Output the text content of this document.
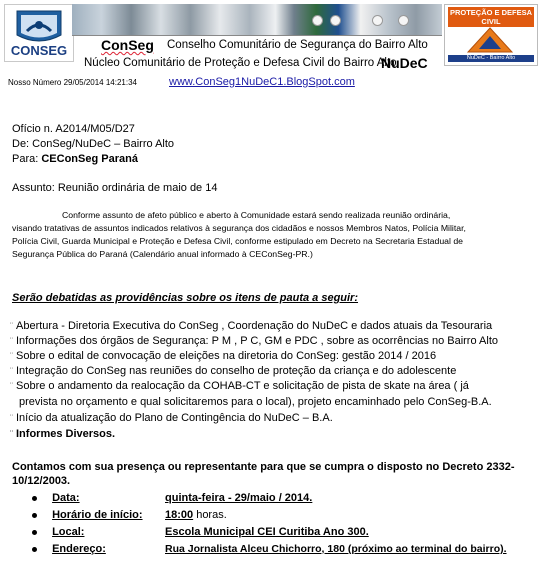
CONSEG
PROTEÇÃO E DEFESA CIVIL
NuDeC - Bairro Alto
ConSeg Conselho Comunitário de Segurança do Bairro Alto
Núcleo Comunitário de Proteção e Defesa Civil do Bairro Alto
NuDeC
Nosso Número 29/05/2014 14:21:34	www.ConSeg1NuDeC1.BlogSpot.com
Ofício n. A2014/M05/D27
De: ConSeg/NuDeC – Bairro Alto
Para: CEConSeg Paraná
Assunto: Reunião ordinária de maio de 14
Conforme assunto de afeto público e aberto à Comunidade estará sendo realizada reunião ordinária,
visando tratativas de assuntos indicados relativos à segurança dos cidadãos e nossos Membros Natos, Polícia Militar,
Polícia Civil, Guarda Municipal e Proteção e Defesa Civil, conforme estipulado em Decreto na Secretaria Estadual de
Segurança Pública do Paraná (Calendário anual informado à CEConSeg-PR.)
Serão debatidas as providências sobre os itens de pauta a seguir:
¨ Abertura - Diretoria Executiva do ConSeg , Coordenação do NuDeC e dados atuais da Tesouraria
¨ Informações dos órgãos de Segurança: P M , P C, GM e PDC , sobre as ocorrências no Bairro Alto
¨ Sobre o edital de convocação de eleições na diretoria do ConSeg: gestão 2014 / 2016
¨ Integração do ConSeg nas reuniões do conselho de proteção da criança e do adolescente
¨ Sobre o andamento da realocação da COHAB-CT e solicitação de pista de skate na área ( já
prevista no orçamento e qual solicitaremos para o local), projeto encaminhado pelo ConSeg-B.A.
¨ Início da atualização do Plano de Contingência do NuDeC – B.A.
¨ Informes Diversos.
Contamos com sua presença ou representante para que se cumpra o disposto no Decreto 2332-
10/12/2003.
Data:	quinta-feira - 29/maio / 2014.
Horário de início: 18:00 horas.
Local:	Escola Municipal CEI Curitiba Ano 300.
Endereço:	Rua Jornalista Alceu Chichorro, 180 (próximo ao terminal do bairro).
